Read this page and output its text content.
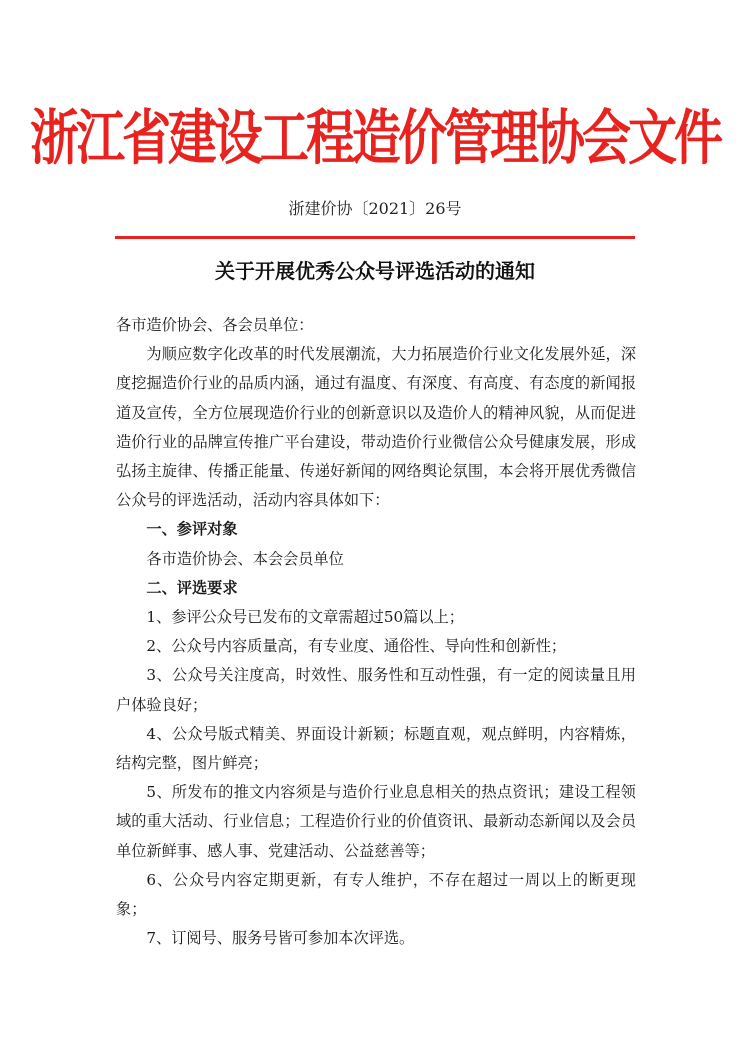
浙江省建设工程造价管理协会文件
浙建价协〔2021〕26号
关于开展优秀公众号评选活动的通知

各市造价协会、各会员单位：

为顺应数字化改革的时代发展潮流，大力拓展造价行业文化发展外延，深度挖掘造价行业的品质内涵，通过有温度、有深度、有高度、有态度的新闻报道及宣传，全方位展现造价行业的创新意识以及造价人的精神风貌，从而促进造价行业的品牌宣传推广平台建设，带动造价行业微信公众号健康发展，形成弘扬主旋律、传播正能量、传递好新闻的网络舆论氛围，本会将开展优秀微信公众号的评选活动，活动内容具体如下：

一、参评对象

各市造价协会、本会会员单位

二、评选要求

1、参评公众号已发布的文章需超过50篇以上；

2、公众号内容质量高，有专业度、通俗性、导向性和创新性；

3、公众号关注度高，时效性、服务性和互动性强，有一定的阅读量且用户体验良好；

4、公众号版式精美、界面设计新颖；标题直观，观点鲜明，内容精炼，结构完整，图片鲜亮；

5、所发布的推文内容须是与造价行业息息相关的热点资讯；建设工程领域的重大活动、行业信息；工程造价行业的价值资讯、最新动态新闻以及会员单位新鲜事、感人事、党建活动、公益慈善等；

6、公众号内容定期更新，有专人维护，不存在超过一周以上的断更现象；

7、订阅号、服务号皆可参加本次评选。
